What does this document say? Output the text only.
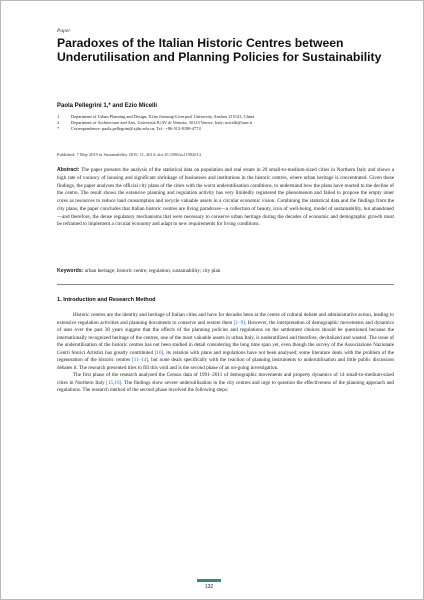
Paper
Paradoxes of the Italian Historic Centres between Underutilisation and Planning Policies for Sustainability
Paola Pellegrini 1,* and Ezio Micelli
1	Department of Urban Planning and Design, Xi'an Jiaotong-Liverpool University, Suzhou 215123, China
2	Department of Architecture and Arts, Università IUAV di Venezia, 30123 Venice, Italy; micelli@iuav.it
*	Correspondence: paola.pellegrini@xjtlu.edu.cn; Tel.: +86-512-8188-4774
Published: 7 May 2019 in Sustainability 2019, 11, 2614; doi:10.3390/su11092614

Abstract: The paper presents the analysis of the statistical data on population and real estate in 20 small-to-medium-sized cities in Northern Italy and shows a high rate of vacancy of housing and significant shrinkage of businesses and institutions in the historic centres, where urban heritage is concentrated. Given these findings, the paper analyses the official city plans of the cities with the worst underutilisation conditions, to understand how the plans have reacted to the decline of the centre. The result shows the extensive planning and regulation activity has very limitedly registered the phenomenon and failed to propose the empty inner cores as resources to reduce land consumption and recycle valuable assets in a circular economic vision. Combining the statistical data and the findings from the city plans, the paper concludes that Italian historic centres are living paradoxes—a collection of beauty, icon of well-being, model of sustainability, but abandoned—and therefore, the dense regulatory mechanisms that were necessary to conserve urban heritage during the decades of economic and demographic growth must be reframed to implement a circular economy and adapt to new requirements for living conditions.

Keywords: urban heritage; historic centre; regulation; sustainability; city plan

1. Introduction and Research Method

Historic centres are the identity and heritage of Italian cities and have for decades been at the centre of cultural debate and administrative action, leading to extensive regulation activities and planning documents to conserve and restore them [1–9]. However, the interpretation of demographic movements and dynamics of uses over the past 30 years suggest that the effects of the planning policies and regulations on the settlement choices should be questioned because the internationally recognized heritage of the centres, one of the most valuable assets in urban Italy, is underutilized and therefore, devitalized and wasted. The issue of the underutilisation of the historic centres has not been studied in detail considering the long time span yet, even though the survey of the Associazione Nazionale Centri Storici Artistici has greatly contributed [10], its relation with plans and regulations have not been analysed; some literature deals with the problem of the regeneration of the historic centres [11–14], but none deals specifically with the reaction of planning instruments to underutilisation and little public discussion debates it. The research presented tries to fill this void and is the second phase of an on-going investigation.

The first phase of the research analyzed the Census data of 1991–2011 of demographic movements and property dynamics of 14 small-to-medium-sized cities in Northern Italy [15,16]. The findings show severe underutilisation in the city centres and urge to question the effectiveness of the planning approach and regulations. The research method of the second phase involved the following steps:

132
